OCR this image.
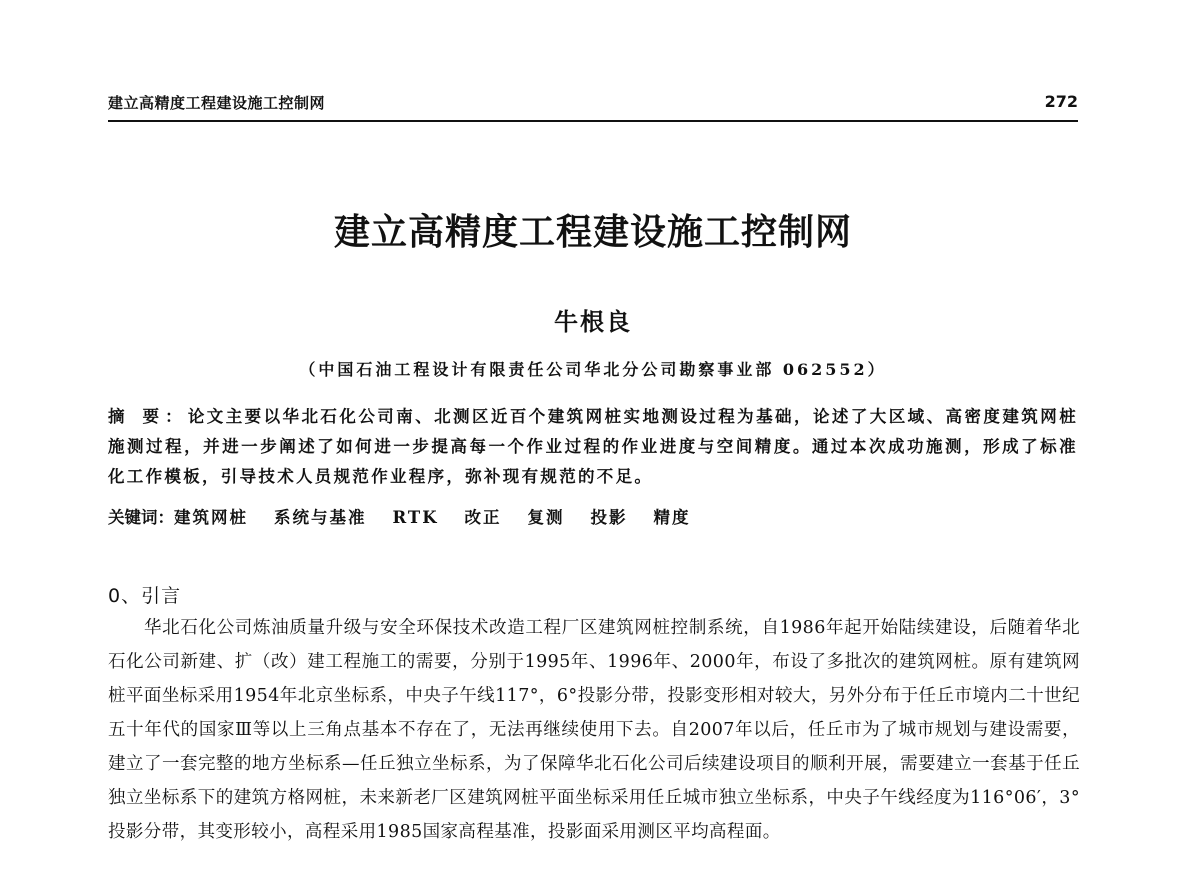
建立高精度工程建设施工控制网	272
建立高精度工程建设施工控制网
牛根良
（中国石油工程设计有限责任公司华北分公司勘察事业部 062552）
摘 要：论文主要以华北石化公司南、北测区近百个建筑网桩实地测设过程为基础，论述了大区域、高密度建筑网桩施测过程，并进一步阐述了如何进一步提高每一个作业过程的作业进度与空间精度。通过本次成功施测，形成了标准化工作模板，引导技术人员规范作业程序，弥补现有规范的不足。
关键词：建筑网桩 系统与基准 RTK 改正 复测 投影 精度
0、引言
华北石化公司炼油质量升级与安全环保技术改造工程厂区建筑网桩控制系统，自1986年起开始陆续建设，后随着华北石化公司新建、扩（改）建工程施工的需要，分别于1995年、1996年、2000年，布设了多批次的建筑网桩。原有建筑网桩平面坐标采用1954年北京坐标系，中央子午线117°，6°投影分带，投影变形相对较大，另外分布于任丘市境内二十世纪五十年代的国家Ⅲ等以上三角点基本不存在了，无法再继续使用下去。自2007年以后，任丘市为了城市规划与建设需要，建立了一套完整的地方坐标系—任丘独立坐标系，为了保障华北石化公司后续建设项目的顺利开展，需要建立一套基于任丘独立坐标系下的建筑方格网桩，未来新老厂区建筑网桩平面坐标采用任丘城市独立坐标系，中央子午线经度为116°06′，3°投影分带，其变形较小，高程采用1985国家高程基准，投影面采用测区平均高程面。
